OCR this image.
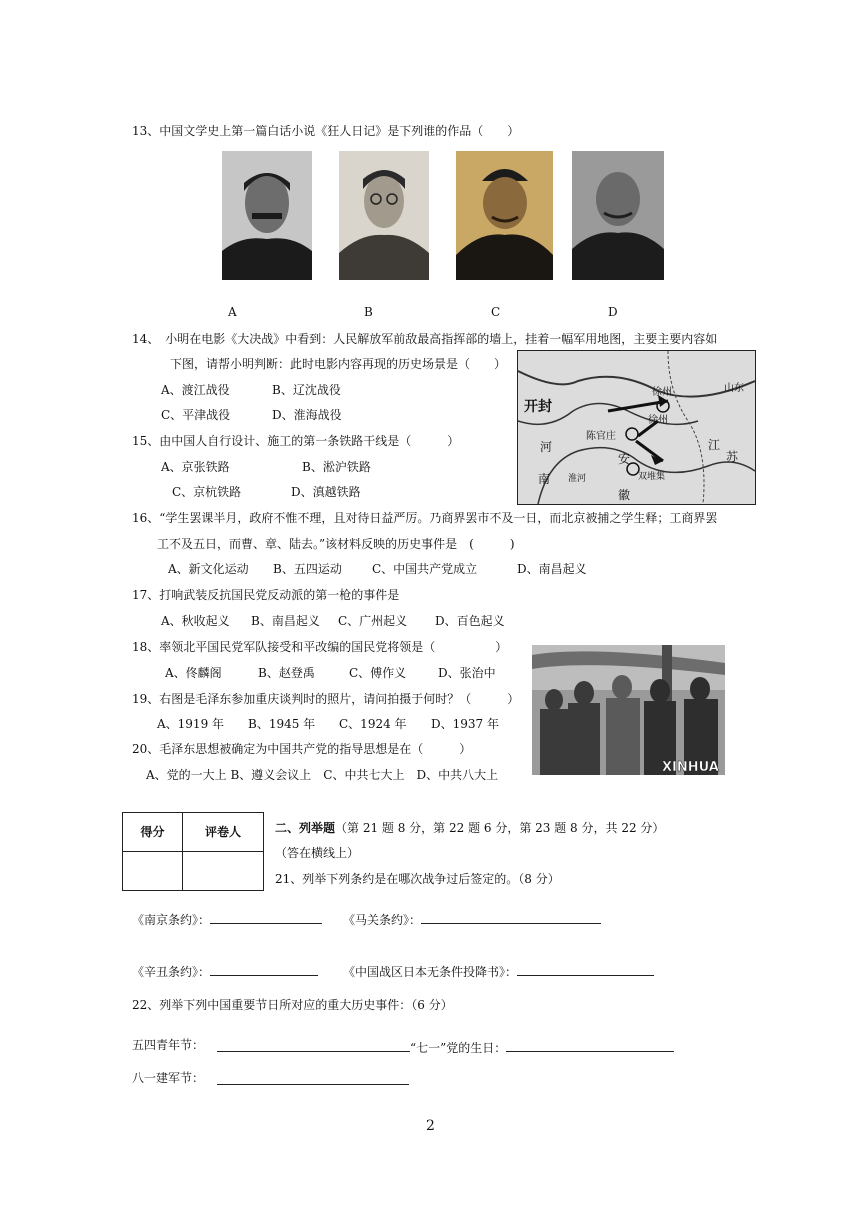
13、中国文学史上第一篇白话小说《狂人日记》是下列谁的作品（　　）
A	B	C	D
14、　小明在电影《大决战》中看到：人民解放军前敌最高指挥部的墙上，挂着一幅军用地图，主要主要内容如
下图，请帮小明判断：此时电影内容再现的历史场景是（　　）
A、渡江战役	B、辽沈战役
C、平津战役	D、淮海战役	开封
徐州
徐州
陈官庄
双堆集
河
南
安
徽
江
苏
山东
淮河
15、由中国人自行设计、施工的第一条铁路干线是（　　　）
A、京张铁路	B、淞沪铁路
C、京杭铁路	D、滇越铁路
16、“学生罢课半月，政府不惟不理，且对待日益严厉。乃商界罢市不及一日，而北京被捕之学生释；工商界罢
工不及五日，而曹、章、陆去。”该材料反映的历史事件是　(　　　)
A、新文化运动 B、五四运动	C、中国共产党成立	D、南昌起义
17、打响武装反抗国民党反动派的第一枪的事件是
A、秋收起义 B、南昌起义 C、广州起义 D、百色起义
18、率领北平国民党军队接受和平改编的国民党将领是（　　　　　）
A、佟麟阁	B、赵登禹	C、傅作义	D、张治中
XINHUA
19、右图是毛泽东参加重庆谈判时的照片，请问拍摄于何时？（　　　）
A、1919 年 B、1945 年 C、1924 年 D、1937 年
20、毛泽东思想被确定为中国共产党的指导思想是在（　　　）
A、党的一大上 B、遵义会议上　C、中共七大上　D、中共八大上
得分	评卷人
		二、列举题（第 21 题 8 分，第 22 题 6 分，第 23 题 8 分，共 22 分）
（答在横线上）
21、列举下列条约是在哪次战争过后签定的。（8 分）
《南京条约》：	《马关条约》：
《辛丑条约》：	《中国战区日本无条件投降书》：
22、列举下列中国重要节日所对应的重大历史事件：（6 分）
五四青年节：	“七一”党的生日：
八一建军节：
2
